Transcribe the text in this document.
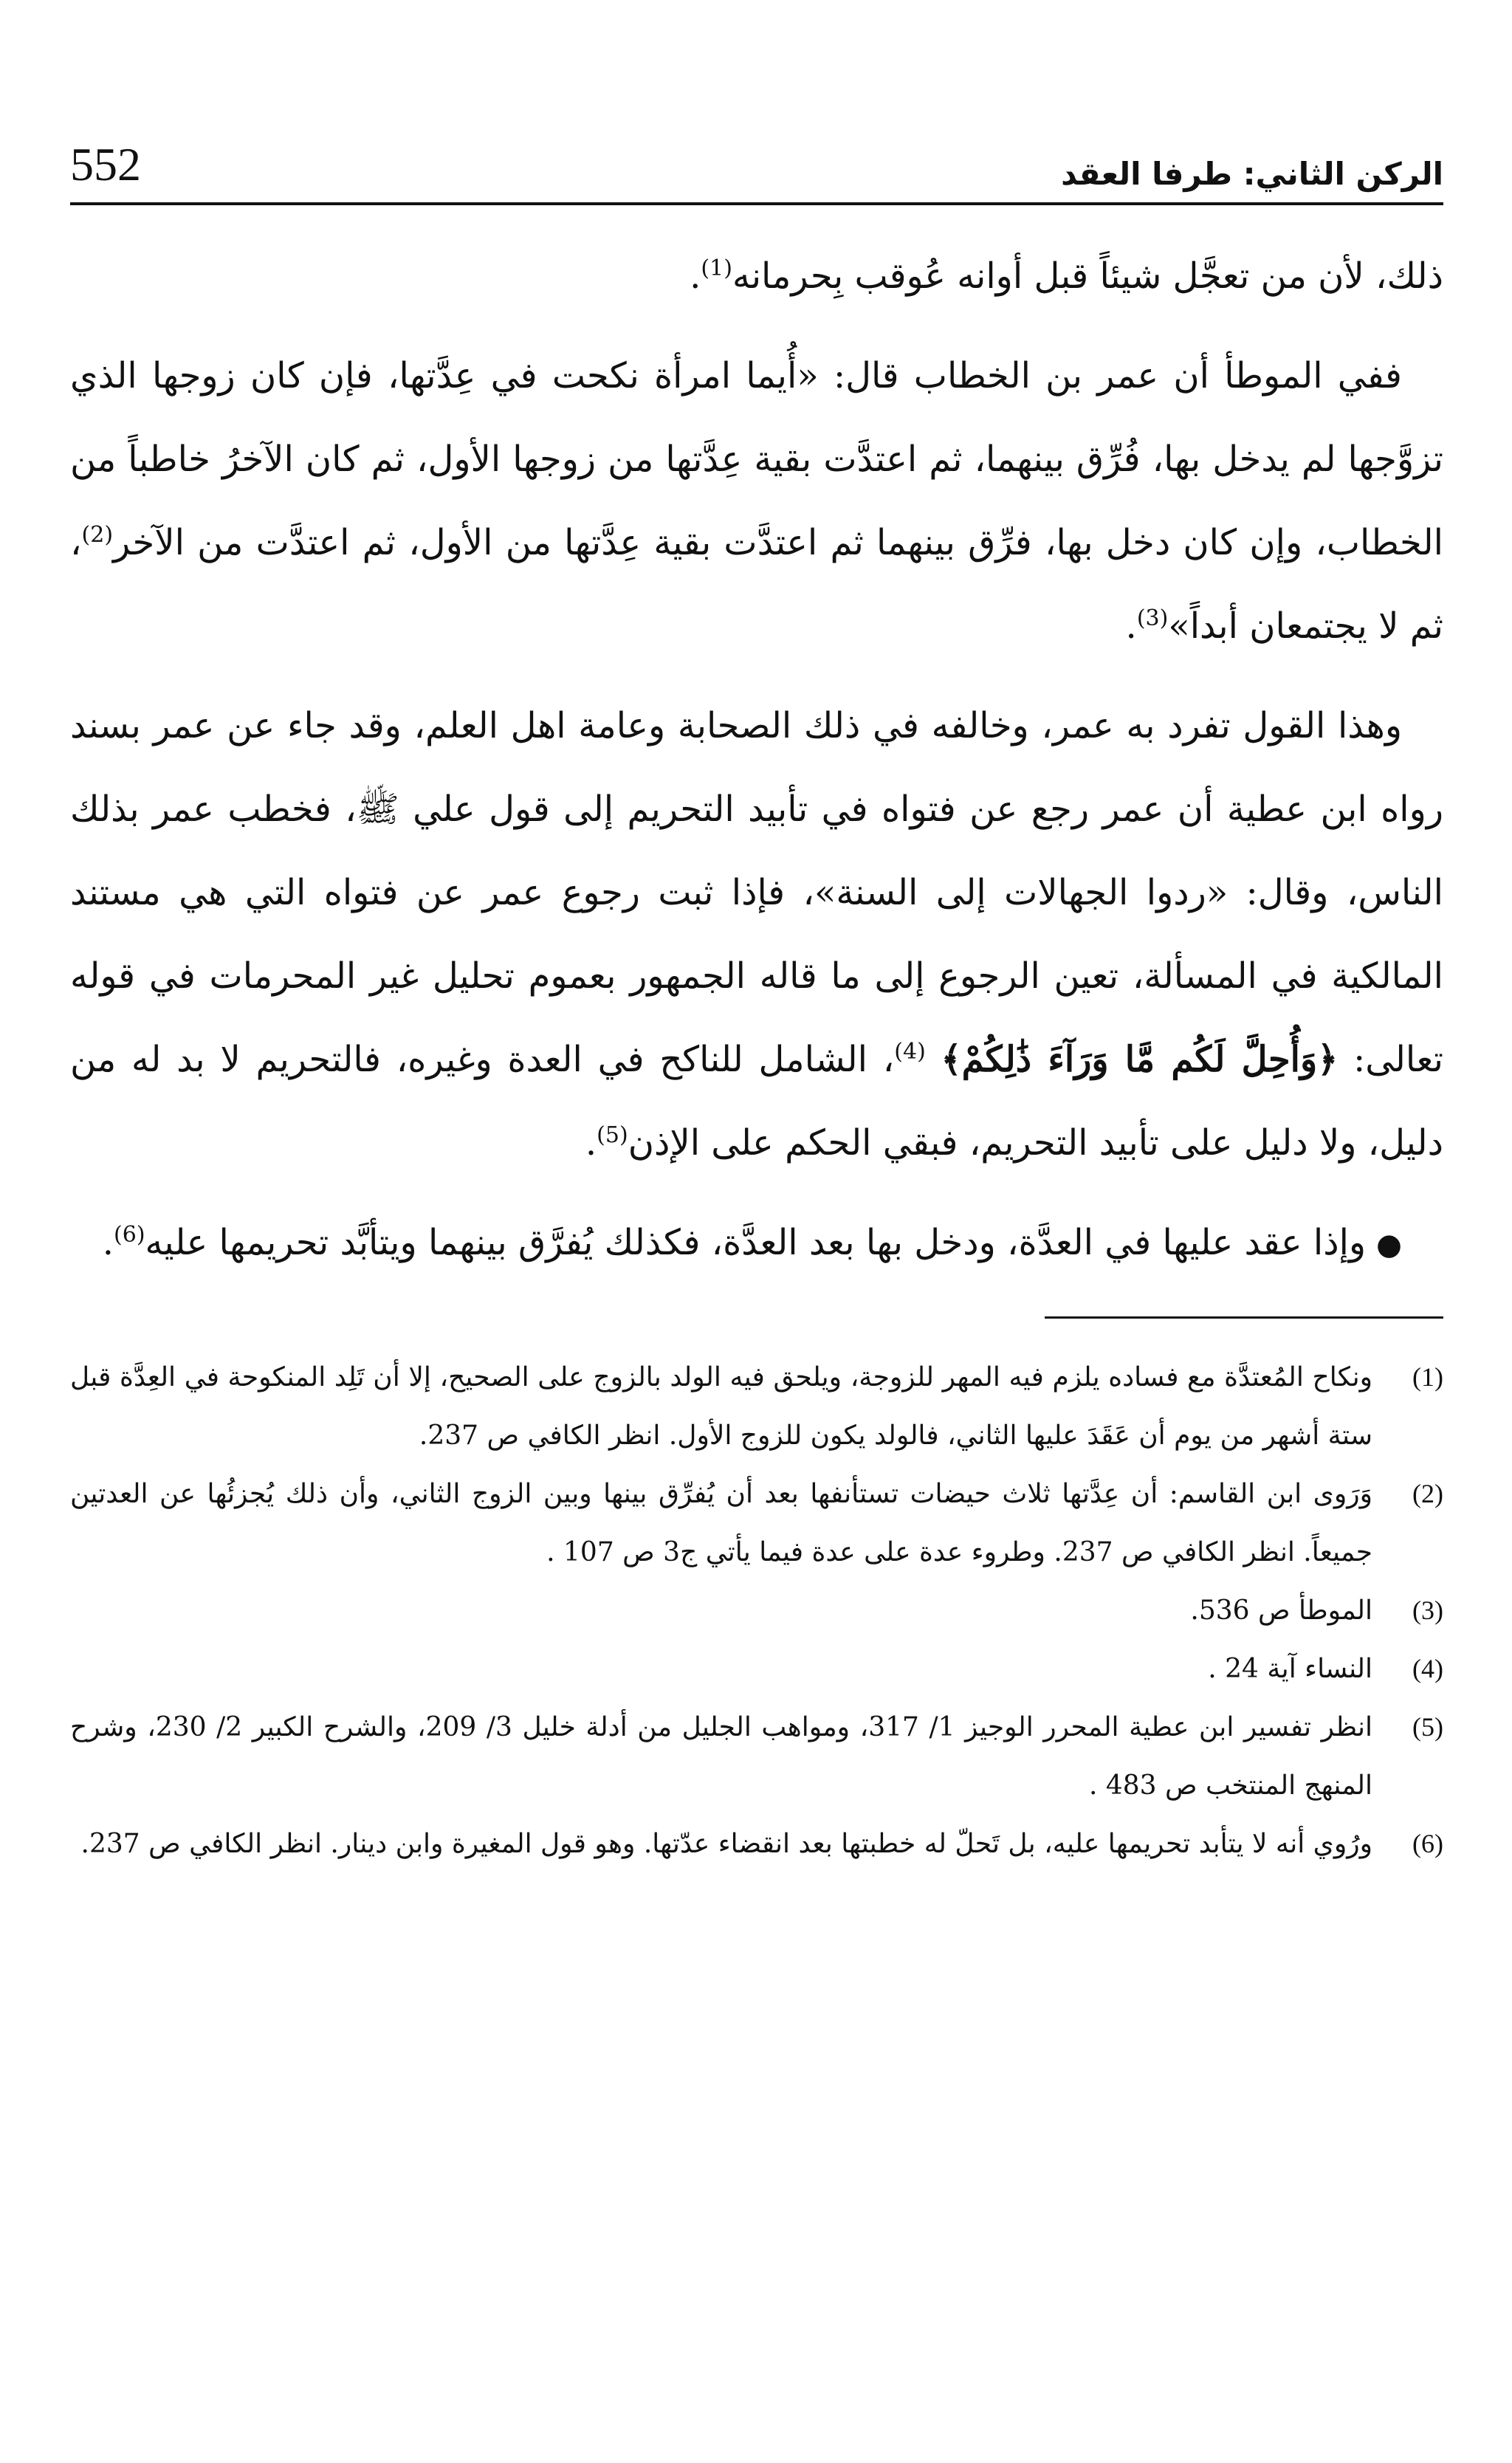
الركن الثاني: طرفا العقد
552

ذلك، لأن من تعجَّل شيئاً قبل أوانه عُوقب بِحرمانه$^{(1)}$.

ففي الموطأ أن عمر بن الخطاب قال: «أُيما امرأة نكحت في عِدَّتها، فإن كان زوجها الذي تزوَّجها لم يدخل بها، فُرِّق بينهما، ثم اعتدَّت بقية عِدَّتها من زوجها الأول، ثم كان الآخرُ خاطباً من الخطاب، وإن كان دخل بها، فرِّق بينهما ثم اعتدَّت بقية عِدَّتها من الأول، ثم اعتدَّت من الآخر$^{(2)}$، ثم لا يجتمعان أبداً»$^{(3)}$.

وهذا القول تفرد به عمر، وخالفه في ذلك الصحابة وعامة اهل العلم، وقد جاء عن عمر بسند رواه ابن عطية أن عمر رجع عن فتواه في تأبيد التحريم إلى قول علي ﷺ، فخطب عمر بذلك الناس، وقال: «ردوا الجهالات إلى السنة»، فإذا ثبت رجوع عمر عن فتواه التي هي مستند المالكية في المسألة، تعين الرجوع إلى ما قاله الجمهور بعموم تحليل غير المحرمات في قوله تعالى: ﴿وَأُحِلَّ لَكُم مَّا وَرَآءَ ذَٰلِكُمْ﴾ $^{(4)}$، الشامل للناكح في العدة وغيره، فالتحريم لا بد له من دليل، ولا دليل على تأبيد التحريم، فبقي الحكم على الإذن$^{(5)}$.

●وإذا عقد عليها في العدَّة، ودخل بها بعد العدَّة، فكذلك يُفرَّق بينهما ويتأبَّد تحريمها عليه$^{(6)}$.

(1)
ونكاح المُعتدَّة مع فساده يلزم فيه المهر للزوجة، ويلحق فيه الولد بالزوج على الصحيح، إلا أن تَلِد المنكوحة في العِدَّة قبل ستة أشهر من يوم أن عَقَدَ عليها الثاني، فالولد يكون للزوج الأول. انظر الكافي ص 237.
(2)
وَرَوى ابن القاسم: أن عِدَّتها ثلاث حيضات تستأنفها بعد أن يُفرِّق بينها وبين الزوج الثاني، وأن ذلك يُجزئُها عن العدتين جميعاً. انظر الكافي ص 237. وطروء عدة على عدة فيما يأتي ج3 ص 107 .
(3)
الموطأ ص 536.
(4)
النساء آية 24 .
(5)
انظر تفسير ابن عطية المحرر الوجيز 1/ 317، ومواهب الجليل من أدلة خليل 3/ 209، والشرح الكبير 2/ 230، وشرح المنهج المنتخب ص 483 .
(6)
ورُوي أنه لا يتأبد تحريمها عليه، بل تَحلّ له خطبتها بعد انقضاء عدّتها. وهو قول المغيرة وابن دينار. انظر الكافي ص 237.
